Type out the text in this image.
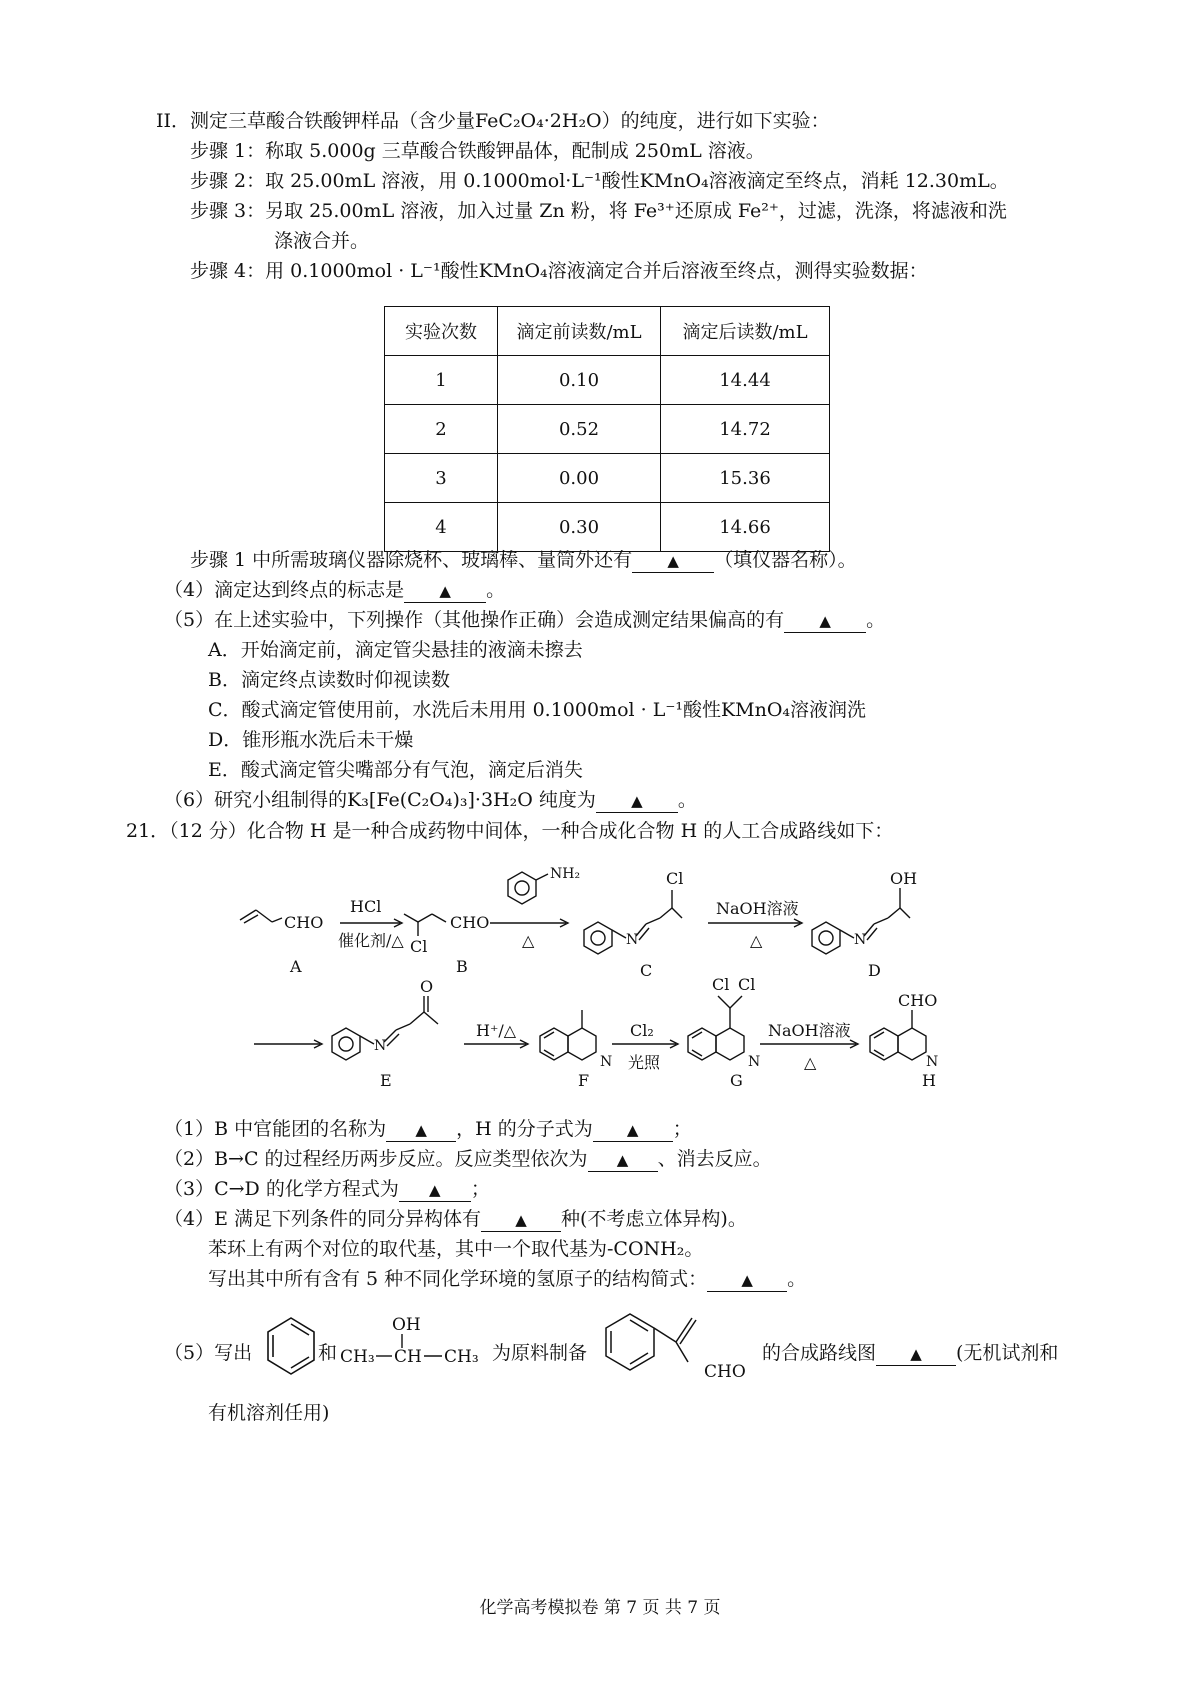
II．测定三草酸合铁酸钾样品（含少量FeC₂O₄·2H₂O）的纯度，进行如下实验：
步骤 1：称取 5.000g 三草酸合铁酸钾晶体，配制成 250mL 溶液。
步骤 2：取 25.00mL 溶液，用 0.1000mol·L⁻¹酸性KMnO₄溶液滴定至终点，消耗 12.30mL。
步骤 3：另取 25.00mL 溶液，加入过量 Zn 粉，将 Fe³⁺还原成 Fe²⁺，过滤，洗涤，将滤液和洗
涤液合并。
步骤 4：用 0.1000mol · L⁻¹酸性KMnO₄溶液滴定合并后溶液至终点，测得实验数据：
实验次数	滴定前读数/mL	滴定后读数/mL
1	0.10	14.44
2	0.52	14.72
3	0.00	15.36
4	0.30	14.66
步骤 1 中所需玻璃仪器除烧杯、玻璃棒、量筒外还有 ▲ （填仪器名称）。
（4）滴定达到终点的标志是 ▲ 。
（5）在上述实验中，下列操作（其他操作正确）会造成测定结果偏高的有 ▲ 。
A．开始滴定前，滴定管尖悬挂的液滴未擦去
B．滴定终点读数时仰视读数
C．酸式滴定管使用前，水洗后未用用 0.1000mol · L⁻¹酸性KMnO₄溶液润洗
D．锥形瓶水洗后未干燥
E．酸式滴定管尖嘴部分有气泡，滴定后消失
（6）研究小组制得的K₃[Fe(C₂O₄)₃]·3H₂O 纯度为 ▲ 。
21．（12 分）化合物 H 是一种合成药物中间体，一种合成化合物 H 的人工合成路线如下：
CHO
HCl
催化剂/△ Cl
CHO
NH₂
△	N
Cl
NaOH溶液
△	N
OH
A	B	C	D
N
O
H⁺/△
N
Cl₂
光照
Cl Cl
N
NaOH溶液
△	N
CHO
E	F	G	H
（1）B 中官能团的名称为 ▲ ，H 的分子式为 ▲ ；
（2）B→C 的过程经历两步反应。反应类型依次为 ▲ 、消去反应。
（3）C→D 的化学方程式为 ▲ ；
（4）E 满足下列条件的同分异构体有 ▲ 种(不考虑立体异构)。
苯环上有两个对位的取代基，其中一个取代基为-CONH₂。
写出其中所有含有 5 种不同化学环境的氢原子的结构简式： ▲ 。
（5）写出	和
OH
CH₃ CH CH₃ 为原料制备
CHO
的合成路线图 ▲ (无机试剂和
有机溶剂任用)
化学高考模拟卷 第 7 页 共 7 页
